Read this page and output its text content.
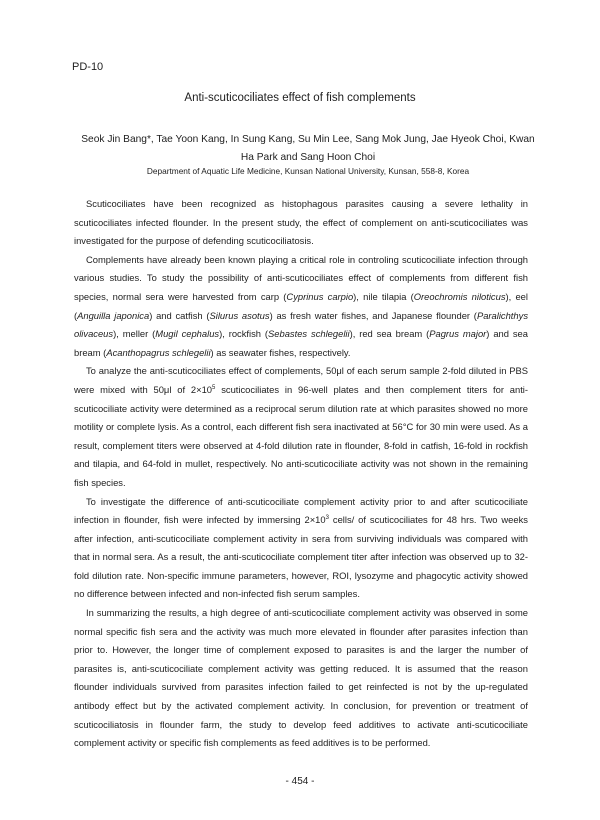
PD-10
Anti-scuticociliates effect of fish complements
Seok Jin Bang*, Tae Yoon Kang, In Sung Kang, Su Min Lee, Sang Mok Jung, Jae Hyeok Choi, Kwan Ha Park and Sang Hoon Choi
Department of Aquatic Life Medicine, Kunsan National University, Kunsan, 558-8, Korea

Scuticociliates have been recognized as histophagous parasites causing a severe lethality in scuticociliates infected flounder. In the present study, the effect of complement on anti-scuticociliates was investigated for the purpose of defending scuticociliatosis.

Complements have already been known playing a critical role in controling scuticociliate infection through various studies. To study the possibility of anti-scuticociliates effect of complements from different fish species, normal sera were harvested from carp (Cyprinus carpio), nile tilapia (Oreochromis niloticus), eel (Anguilla japonica) and catfish (Silurus asotus) as fresh water fishes, and Japanese flounder (Paralichthys olivaceus), meller (Mugil cephalus), rockfish (Sebastes schlegelii), red sea bream (Pagrus major) and sea bream (Acanthopagrus schlegelii) as seawater fishes, respectively.

To analyze the anti-scuticociliates effect of complements, 50μl of each serum sample 2-fold diluted in PBS were mixed with 50μl of $2\times 10^5$ scuticociliates in 96-well plates and then complement titers for anti-scuticociliate activity were determined as a reciprocal serum dilution rate at which parasites showed no more motility or complete lysis. As a control, each different fish sera inactivated at 56°C for 30 min were used. As a result, complement titers were observed at 4-fold dilution rate in flounder, 8-fold in catfish, 16-fold in rockfish and tilapia, and 64-fold in mullet, respectively. No anti-scuticociliate activity was not shown in the remaining fish species.

To investigate the difference of anti-scuticociliate complement activity prior to and after scuticociliate infection in flounder, fish were infected by immersing $2\times 10^3$ cells/ of scuticociliates for 48 hrs. Two weeks after infection, anti-scuticociliate complement activity in sera from surviving individuals was compared with that in normal sera. As a result, the anti-scuticociliate complement titer after infection was observed up to 32-fold dilution rate. Non-specific immune parameters, however, ROI, lysozyme and phagocytic activity showed no difference between infected and non-infected fish serum samples.

In summarizing the results, a high degree of anti-scuticociliate complement activity was observed in some normal specific fish sera and the activity was much more elevated in flounder after parasites infection than prior to. However, the longer time of complement exposed to parasites is and the larger the number of parasites is, anti-scuticociliate complement activity was getting reduced. It is assumed that the reason flounder individuals survived from parasites infection failed to get reinfected is not by the up-regulated antibody effect but by the activated complement activity. In conclusion, for prevention or treatment of scuticociliatosis in flounder farm, the study to develop feed additives to activate anti-scuticociliate complement activity or specific fish complements as feed additives is to be performed.

- 454 -
